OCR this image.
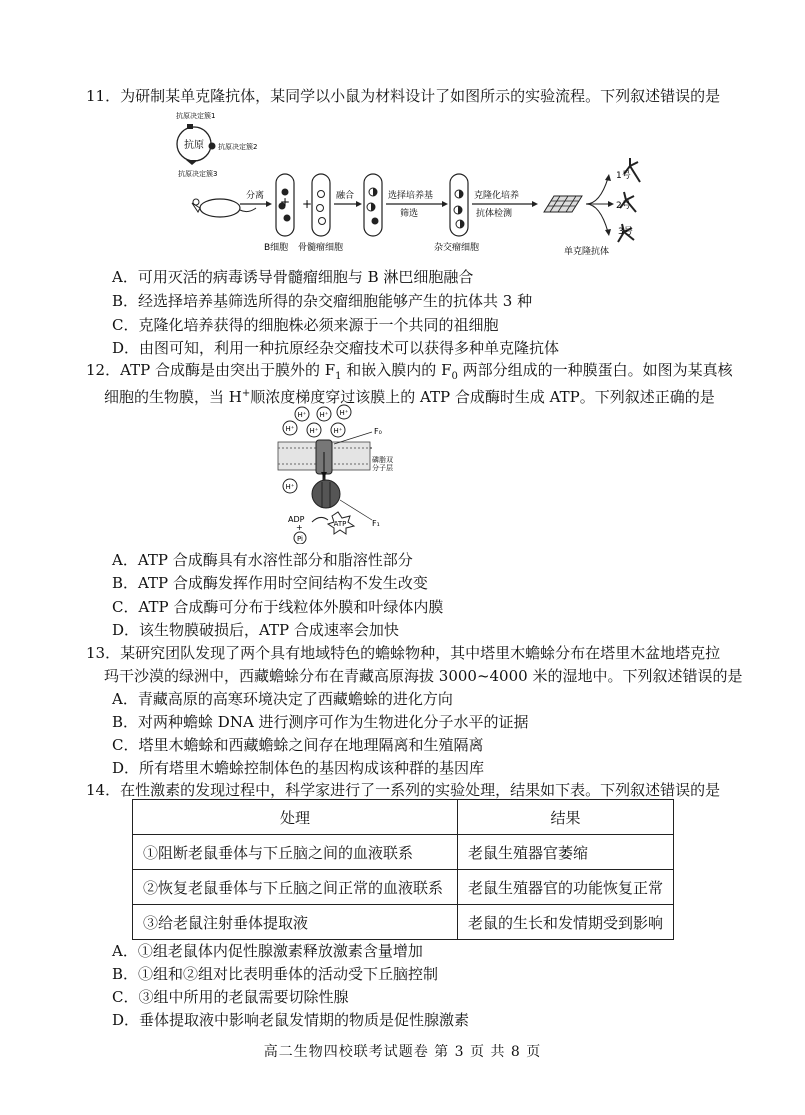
11．为研制某单克隆抗体，某同学以小鼠为材料设计了如图所示的实验流程。下列叙述错误的是
抗原
抗原决定簇1
抗原决定簇2
抗原决定簇3
分离 + +
B细胞 骨髓瘤细胞
融合	选择培养基
筛选
杂交瘤细胞
克隆化培养
抗体检测
1号
2号
3号
单克隆抗体
A．可用灭活的病毒诱导骨髓瘤细胞与 B 淋巴细胞融合
B．经选择培养基筛选所得的杂交瘤细胞能够产生的抗体共 3 种
C．克隆化培养获得的细胞株必须来源于一个共同的祖细胞
D．由图可知，利用一种抗原经杂交瘤技术可以获得多种单克隆抗体
12．ATP 合成酶是由突出于膜外的 $F_1$ 和嵌入膜内的 $F_0$ 两部分组成的一种膜蛋白。如图为某真核
细胞的生物膜，当 H+顺浓度梯度穿过该膜上的 ATP 合成酶时生成 ATP。下列叙述正确的是
H⁺ H⁺ H⁺
H⁺ H⁺ H⁺	F₀
磷脂双
分子层
H⁺
F₁
ADP
+
Pi
ATP
A．ATP 合成酶具有水溶性部分和脂溶性部分
B．ATP 合成酶发挥作用时空间结构不发生改变
C．ATP 合成酶可分布于线粒体外膜和叶绿体内膜
D．该生物膜破损后，ATP 合成速率会加快
13．某研究团队发现了两个具有地域特色的蟾蜍物种，其中塔里木蟾蜍分布在塔里木盆地塔克拉
玛干沙漠的绿洲中，西藏蟾蜍分布在青藏高原海拔 3000~4000 米的湿地中。下列叙述错误的是
A．青藏高原的高寒环境决定了西藏蟾蜍的进化方向
B．对两种蟾蜍 DNA 进行测序可作为生物进化分子水平的证据
C．塔里木蟾蜍和西藏蟾蜍之间存在地理隔离和生殖隔离
D．所有塔里木蟾蜍控制体色的基因构成该种群的基因库
14．在性激素的发现过程中，科学家进行了一系列的实验处理，结果如下表。下列叙述错误的是
处理	结果
①阻断老鼠垂体与下丘脑之间的血液联系	老鼠生殖器官萎缩
②恢复老鼠垂体与下丘脑之间正常的血液联系	老鼠生殖器官的功能恢复正常
③给老鼠注射垂体提取液	老鼠的生长和发情期受到影响
A．①组老鼠体内促性腺激素释放激素含量增加
B．①组和②组对比表明垂体的活动受下丘脑控制
C．③组中所用的老鼠需要切除性腺
D．垂体提取液中影响老鼠发情期的物质是促性腺激素
高二生物四校联考试题卷 第 3 页 共 8 页
